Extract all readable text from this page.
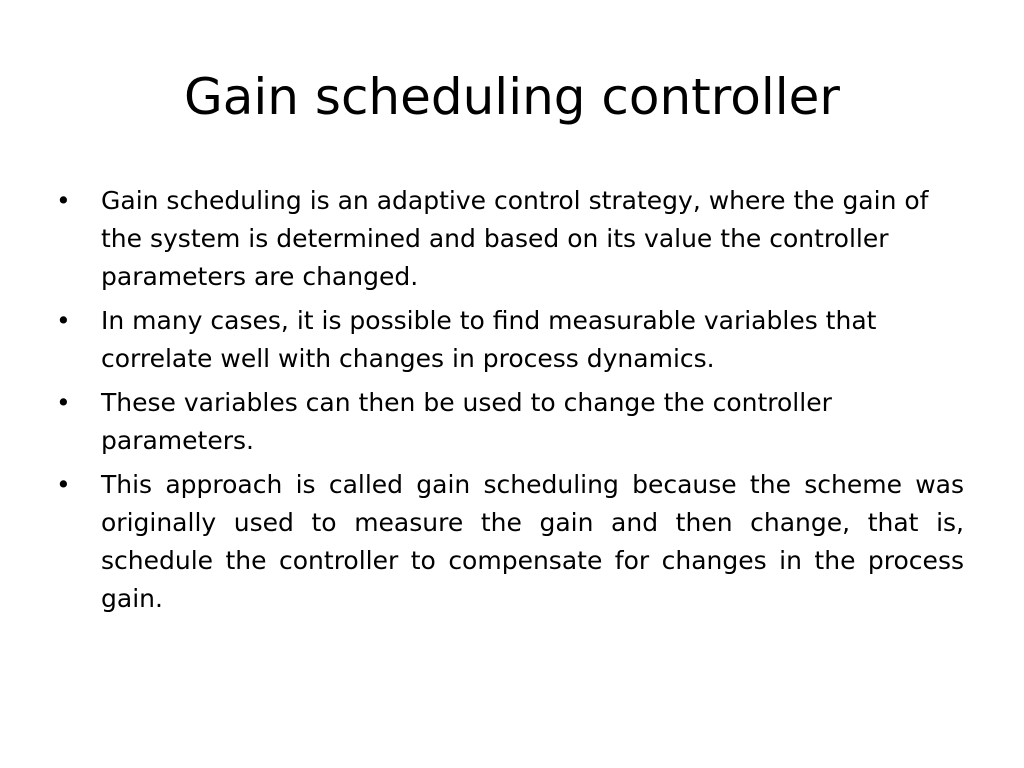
Gain scheduling controller
• Gain scheduling is an adaptive control strategy, where the gain of the system is determined and based on its value the controller parameters are changed.
• In many cases, it is possible to find measurable variables that correlate well with changes in process dynamics.
• These variables can then be used to change the controller parameters.
• This approach is called gain scheduling because the scheme was originally used to measure the gain and then change, that is, schedule the controller to compensate for changes in the process gain.
